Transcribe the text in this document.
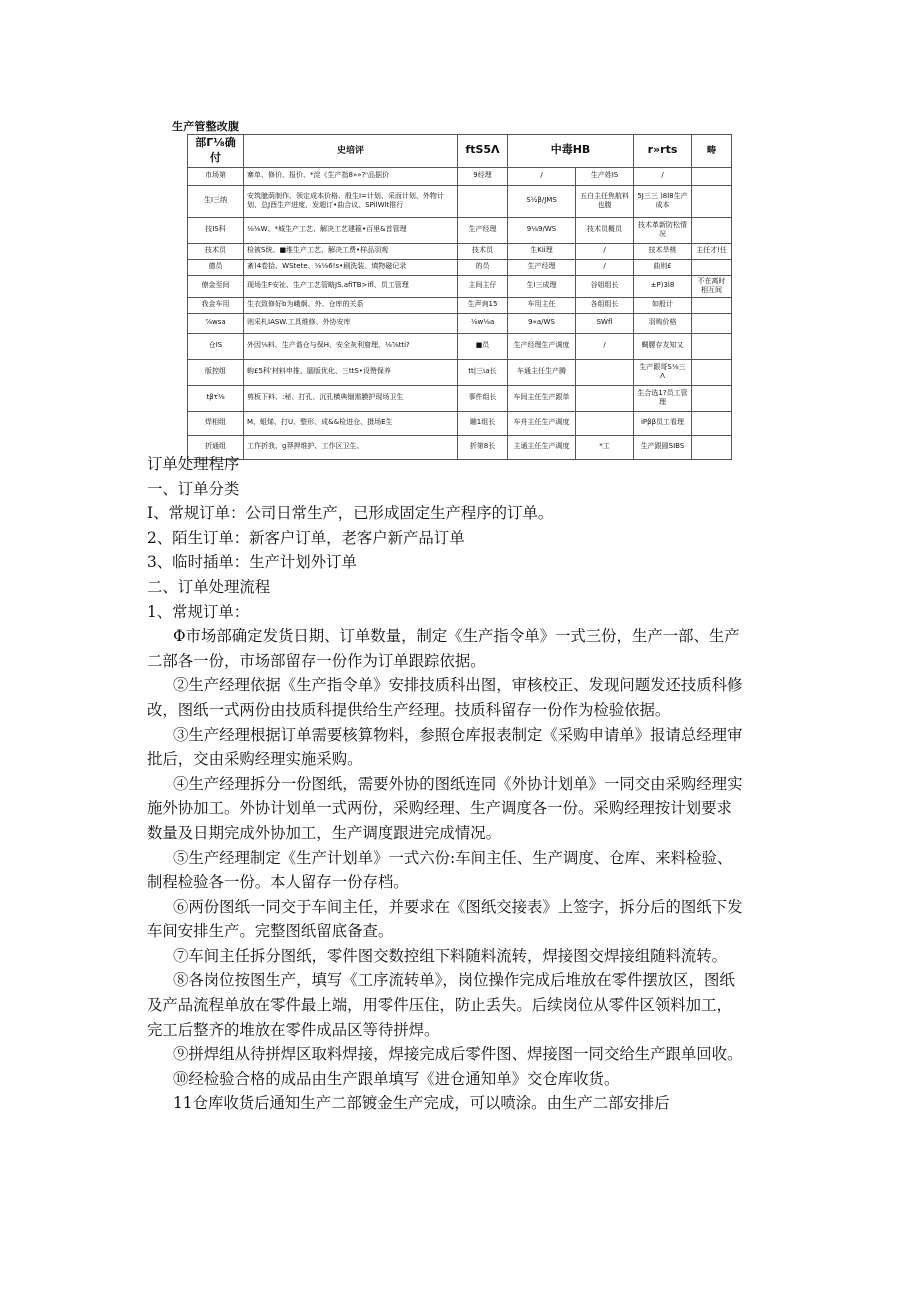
生产管整改腹
部Γ⅛确付	史培评	ftS5Λ	中毒HB		r»rts	畴
市场第	寨单、修价、报价、*淀《生产指8»»?ⁿ品据价	9经理	/	生产姓IS	/	
生I三纳	安筑臆荫制作、领定成本价格、殷生I=计划、采而计划、外物计划、总J酉生产进度、发超订•曲合议、SPilWlt推行		S½β/JMS	五白主任焦航料也腹	5J三三 )8l8生产成本	
技IS科	⅛⅛W、*城生产工艺、解决工艺建箍•百里&首管理	生产经理	9⅛9/WS	技术员概员	技术革新防松情况	
技术员	检被S统、■维生产工艺、解决工费•样品羽观	技术员	生Kii理	/	技术旱桃	主任才!任
德员	紊)4卷拾、WStete、⅛⅛6!s•刷洗装、填物磁记录	的员	生产经理	/	曲则£	
僚金至间	现场生F安祉、生产工艺管略JS.afiTB>ifl、员工管理	主间主仔	生I三成理	谷姐组长	±P)3l8	不在离时相互间
我金车用	生衣致修好b为峨炯、外、仓库的关系	生声询15	车用主任	各组组长	如般计	
⅞wsa	则采札IASW.工具维修、外协安库	⅛w⅛a	9»a/WS	SWfl	羽购价格	
仓IS	外因⅛料、生产谐仓与保H、安全灰利窟理、⅛⅝tti?	■员	生产经理生产调度	/	蜩腰存友知又	
版控组	蚼£5科'材料申推、腦版优化、三ttS•设赞保养	tt|三ιa长	车通主任生产腾		生产跟哥S⅛三Λ	
tβτ⅛	剪板下料、:秘、打孔、沉孔横典锢需膜护现场卫生	事件组长	车间主任生产跟单		生合选1?员工管理	
焊相组	M、蛆烯、打U、整形、成&&检进仓、摄场E生	蹦1组长	车舟主任生产调度		iPββ员工看理	
折通组	工作折我、g莽押维护、工作区卫生、	折第8长	主通主任生产调度	*工	生产跟圆SIBS	

订单处理程序

一、订单分类

I、常规订单：公司日常生产，已形成固定生产程序的订单。

2、陌生订单：新客户订单，老客户新产品订单

3、临时插单：生产计划外订单

二、订单处理流程

1、常规订单：

Φ市场部确定发货日期、订单数量，制定《生产指令单》一式三份，生产一部、生产二部各一份，市场部留存一份作为订单跟踪依据。

②生产经理依据《生产指令单》安排技质科出图，审核校正、发现问题发还技质科修改，图纸一式两份由技质科提供给生产经理。技质科留存一份作为检验依据。

③生产经理根据订单需要核算物料，参照仓库报表制定《采购申请单》报请总经理审批后，交由采购经理实施采购。

④生产经理拆分一份图纸，需要外协的图纸连同《外协计划单》一同交由采购经理实施外协加工。外协计划单一式两份，采购经理、生产调度各一份。采购经理按计划要求数量及日期完成外协加工，生产调度跟进完成情况。

⑤生产经理制定《生产计划单》一式六份:车间主任、生产调度、仓库、来料检验、制程检验各一份。本人留存一份存档。

⑥两份图纸一同交于车间主任，并要求在《图纸交接表》上签字，拆分后的图纸下发车间安排生产。完整图纸留底备查。

⑦车间主任拆分图纸，零件图交数控组下料随料流转，焊接图交焊接组随料流转。

⑧各岗位按图生产，填写《工序流转单》，岗位操作完成后堆放在零件摆放区，图纸及产品流程单放在零件最上端，用零件压住，防止丢失。后续岗位从零件区领料加工，完工后整齐的堆放在零件成品区等待拼焊。

⑨拼焊组从待拼焊区取料焊接，焊接完成后零件图、焊接图一同交给生产跟单回收。

⑩经检验合格的成品由生产跟单填写《进仓通知单》交仓库收货。

11仓库收货后通知生产二部镀金生产完成，可以喷涂。由生产二部安排后
